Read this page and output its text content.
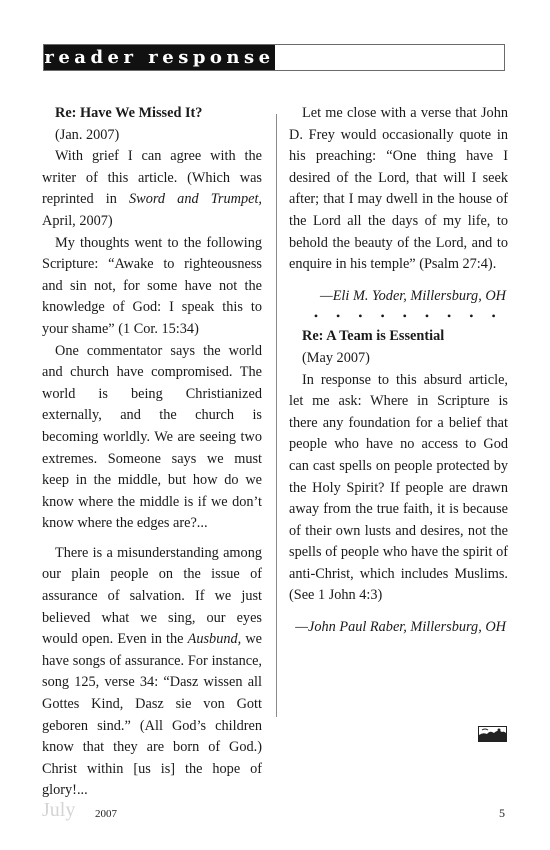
reader response

Re: Have We Missed It?

(Jan. 2007)

With grief I can agree with the writer of this article. (Which was reprinted in Sword and Trumpet, April, 2007)

My thoughts went to the following Scripture: “Awake to righteousness and sin not, for some have not the knowledge of God: I speak this to your shame” (1 Cor. 15:34)

One commentator says the world and church have compromised. The world is being Christianized externally, and the church is becoming worldly. We are seeing two extremes. Someone says we must keep in the middle, but how do we know where the middle is if we don’t know where the edges are?...

There is a misunderstanding among our plain people on the issue of assurance of salvation. If we just believed what we sing, our eyes would open. Even in the Ausbund, we have songs of assurance. For instance, song 125, verse 34: “Dasz wissen all Gottes Kind, Dasz sie von Gott geboren sind.” (All God’s children know that they are born of God.) Christ within [us is] the hope of glory!...

Let me close with a verse that John D. Frey would occasionally quote in his preaching: “One thing have I desired of the Lord, that will I seek after; that I may dwell in the house of the Lord all the days of my life, to behold the beauty of the Lord, and to enquire in his temple” (Psalm 27:4).

—Eli M. Yoder, Millersburg, OH

• • • • • • • • •

Re: A Team is Essential

(May 2007)

In response to this absurd article, let me ask: Where in Scripture is there any foundation for a belief that people who have no access to God can cast spells on people protected by the Holy Spirit? If people are drawn away from the true faith, it is because of their own lusts and desires, not the spells of people who have the spirit of anti-Christ, which includes Muslims. (See 1 John 4:3)

—John Paul Raber, Millersburg, OH

July 2007	5
